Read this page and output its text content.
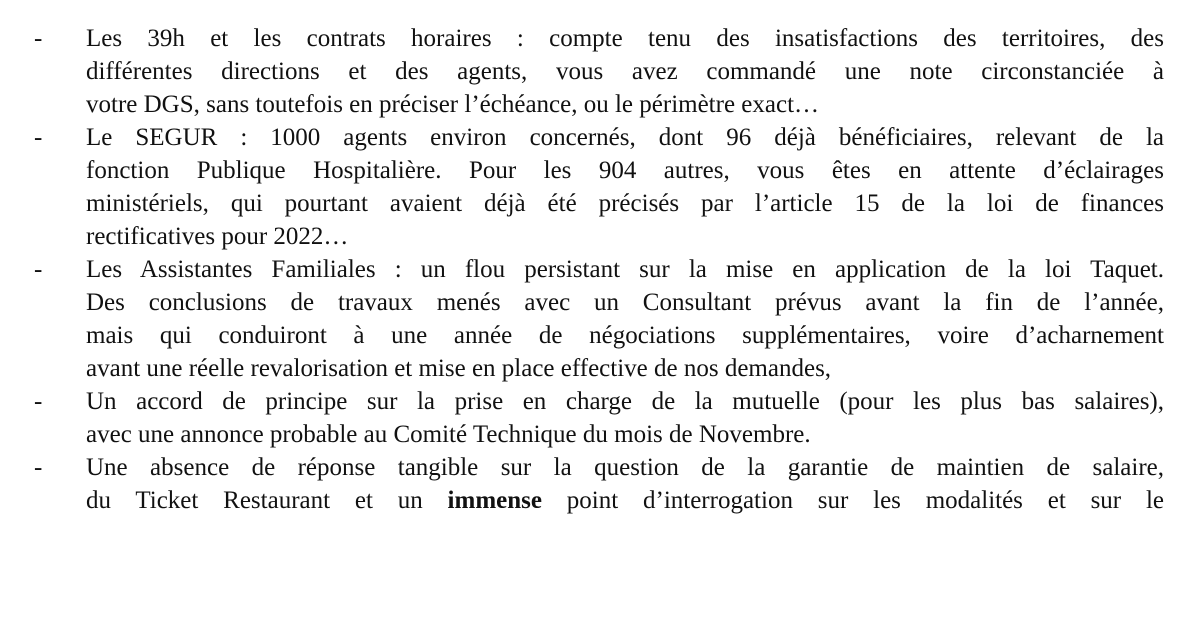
- Les 39h et les contrats horaires : compte tenu des insatisfactions des territoires, des
différentes directions et des agents, vous avez commandé une note circonstanciée à
votre DGS, sans toutefois en préciser l’échéance, ou le périmètre exact…
- Le SEGUR : 1000 agents environ concernés, dont 96 déjà bénéficiaires, relevant de la
fonction Publique Hospitalière. Pour les 904 autres, vous êtes en attente d’éclairages
ministériels, qui pourtant avaient déjà été précisés par l’article 15 de la loi de finances
rectificatives pour 2022…
- Les Assistantes Familiales : un flou persistant sur la mise en application de la loi Taquet.
Des conclusions de travaux menés avec un Consultant prévus avant la fin de l’année,
mais qui conduiront à une année de négociations supplémentaires, voire d’acharnement
avant une réelle revalorisation et mise en place effective de nos demandes,
- Un accord de principe sur la prise en charge de la mutuelle (pour les plus bas salaires),
avec une annonce probable au Comité Technique du mois de Novembre.
- Une absence de réponse tangible sur la question de la garantie de maintien de salaire,
du Ticket Restaurant et un immense point d’interrogation sur les modalités et sur le
